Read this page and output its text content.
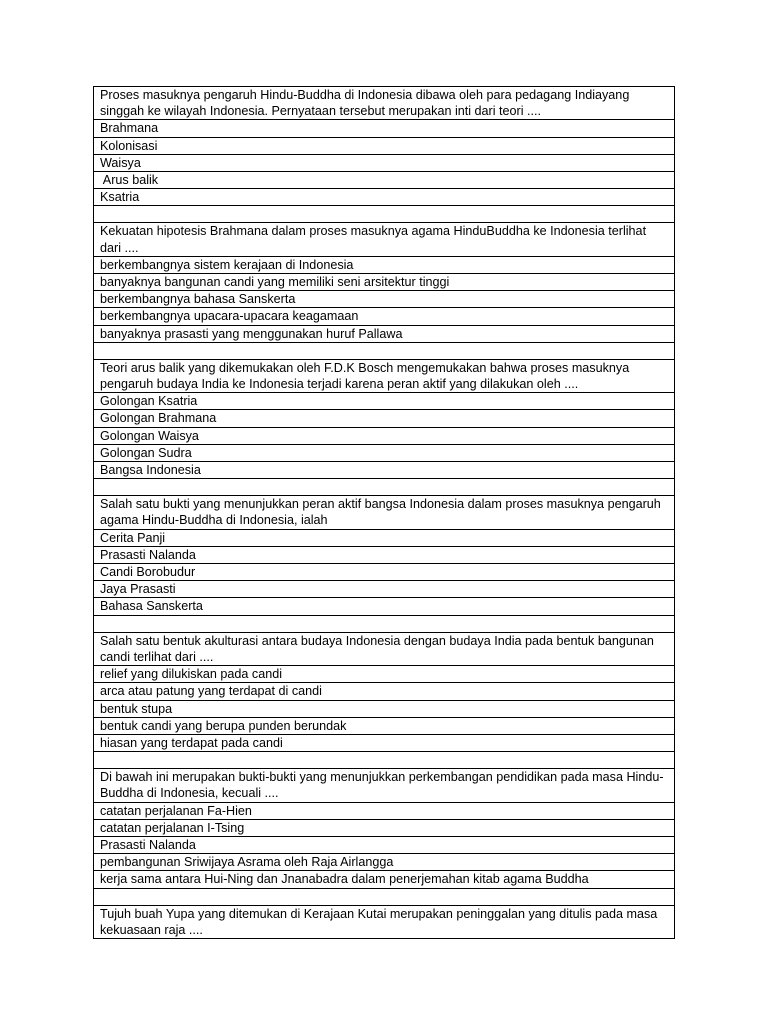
Proses masuknya pengaruh Hindu-Buddha di Indonesia dibawa oleh para pedagang Indiayang singgah ke wilayah Indonesia. Pernyataan tersebut merupakan inti dari teori ....
Brahmana
Kolonisasi
Waisya
Arus balik
Ksatria

Kekuatan hipotesis Brahmana dalam proses masuknya agama HinduBuddha ke Indonesia terlihat dari ....
berkembangnya sistem kerajaan di Indonesia
banyaknya bangunan candi yang memiliki seni arsitektur tinggi
berkembangnya bahasa Sanskerta
berkembangnya upacara-upacara keagamaan
banyaknya prasasti yang menggunakan huruf Pallawa

Teori arus balik yang dikemukakan oleh F.D.K Bosch mengemukakan bahwa proses masuknya pengaruh budaya India ke Indonesia terjadi karena peran aktif yang dilakukan oleh ....
Golongan Ksatria
Golongan Brahmana
Golongan Waisya
Golongan Sudra
Bangsa Indonesia

Salah satu bukti yang menunjukkan peran aktif bangsa Indonesia dalam proses masuknya pengaruh agama Hindu-Buddha di Indonesia, ialah
Cerita Panji
Prasasti Nalanda
Candi Borobudur
Jaya Prasasti
Bahasa Sanskerta

Salah satu bentuk akulturasi antara budaya Indonesia dengan budaya India pada bentuk bangunan candi terlihat dari ....
relief yang dilukiskan pada candi
arca atau patung yang terdapat di candi
bentuk stupa
bentuk candi yang berupa punden berundak
hiasan yang terdapat pada candi

Di bawah ini merupakan bukti-bukti yang menunjukkan perkembangan pendidikan pada masa Hindu-Buddha di Indonesia, kecuali ....
catatan perjalanan Fa-Hien
catatan perjalanan I-Tsing
Prasasti Nalanda
pembangunan Sriwijaya Asrama oleh Raja Airlangga
kerja sama antara Hui-Ning dan Jnanabadra dalam penerjemahan kitab agama Buddha

Tujuh buah Yupa yang ditemukan di Kerajaan Kutai merupakan peninggalan yang ditulis pada masa kekuasaan raja ....
